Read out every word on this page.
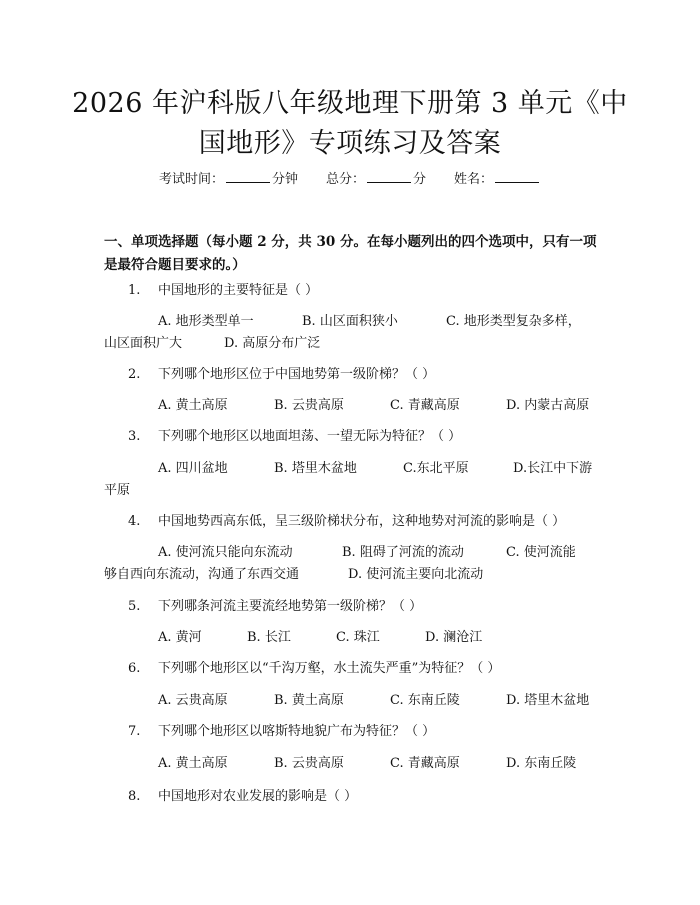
2026 年沪科版八年级地理下册第 3 单元《中
国地形》专项练习及答案
考试时间：	分钟 总分：	分 姓名：
一、单项选择题（每小题 2 分，共 30 分。在每小题列出的四个选项中，只有一项是最符合题目要求的。）
1. 中国地形的主要特征是（ ）
A. 地形类型单一	B. 山区面积狭小	C. 地形类型复杂多样，
山区面积广大	D. 高原分布广泛
2. 下列哪个地形区位于中国地势第一级阶梯？（ ）
A. 黄土高原	B. 云贵高原	C. 青藏高原	D. 内蒙古高原
3. 下列哪个地形区以地面坦荡、一望无际为特征？（ ）
A. 四川盆地	B. 塔里木盆地	C.东北平原	D.长江中下游
平原
4. 中国地势西高东低，呈三级阶梯状分布，这种地势对河流的影响是（ ）
A. 使河流只能向东流动	B. 阻碍了河流的流动	C. 使河流能
够自西向东流动，沟通了东西交通	D. 使河流主要向北流动
5. 下列哪条河流主要流经地势第一级阶梯？（ ）
A. 黄河	B. 长江	C. 珠江	D. 澜沧江
6. 下列哪个地形区以“千沟万壑，水土流失严重”为特征？（ ）
A. 云贵高原	B. 黄土高原	C. 东南丘陵	D. 塔里木盆地
7. 下列哪个地形区以喀斯特地貌广布为特征？（ ）
A. 黄土高原	B. 云贵高原	C. 青藏高原	D. 东南丘陵
8. 中国地形对农业发展的影响是（ ）
